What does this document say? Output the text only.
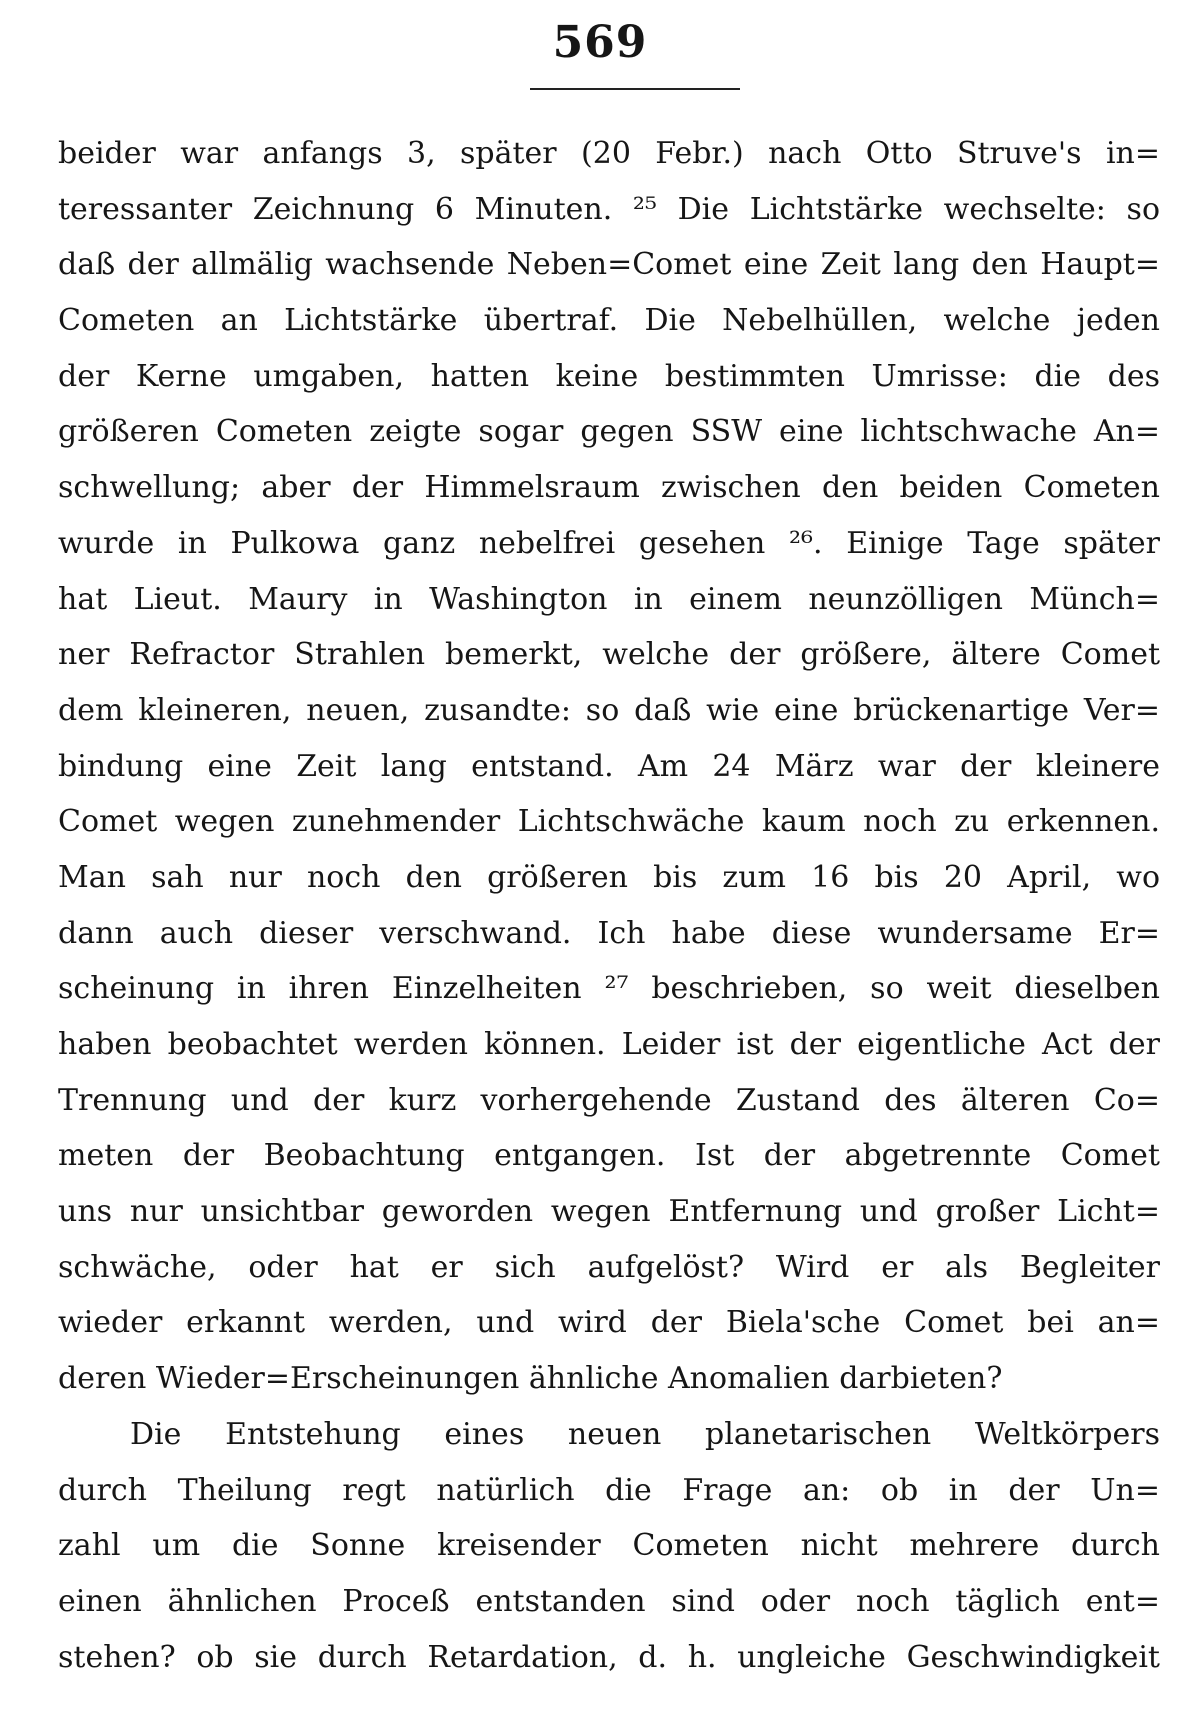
569
beider war anfangs 3, später (20 Febr.) nach Otto Struve's in=
teressanter Zeichnung 6 Minuten. ²⁵ Die Lichtstärke wechselte: so
daß der allmälig wachsende Neben=Comet eine Zeit lang den Haupt=
Cometen an Lichtstärke übertraf. Die Nebelhüllen, welche jeden
der Kerne umgaben, hatten keine bestimmten Umrisse: die des
größeren Cometen zeigte sogar gegen SSW eine lichtschwache An=
schwellung; aber der Himmelsraum zwischen den beiden Cometen
wurde in Pulkowa ganz nebelfrei gesehen ²⁶. Einige Tage später
hat Lieut. Maury in Washington in einem neunzölligen Münch=
ner Refractor Strahlen bemerkt, welche der größere, ältere Comet
dem kleineren, neuen, zusandte: so daß wie eine brückenartige Ver=
bindung eine Zeit lang entstand. Am 24 März war der kleinere
Comet wegen zunehmender Lichtschwäche kaum noch zu erkennen.
Man sah nur noch den größeren bis zum 16 bis 20 April, wo
dann auch dieser verschwand. Ich habe diese wundersame Er=
scheinung in ihren Einzelheiten ²⁷ beschrieben, so weit dieselben
haben beobachtet werden können. Leider ist der eigentliche Act der
Trennung und der kurz vorhergehende Zustand des älteren Co=
meten der Beobachtung entgangen. Ist der abgetrennte Comet
uns nur unsichtbar geworden wegen Entfernung und großer Licht=
schwäche, oder hat er sich aufgelöst? Wird er als Begleiter
wieder erkannt werden, und wird der Biela'sche Comet bei an=
deren Wieder=Erscheinungen ähnliche Anomalien darbieten?
Die Entstehung eines neuen planetarischen Weltkörpers
durch Theilung regt natürlich die Frage an: ob in der Un=
zahl um die Sonne kreisender Cometen nicht mehrere durch
einen ähnlichen Proceß entstanden sind oder noch täglich ent=
stehen? ob sie durch Retardation, d. h. ungleiche Geschwindigkeit
